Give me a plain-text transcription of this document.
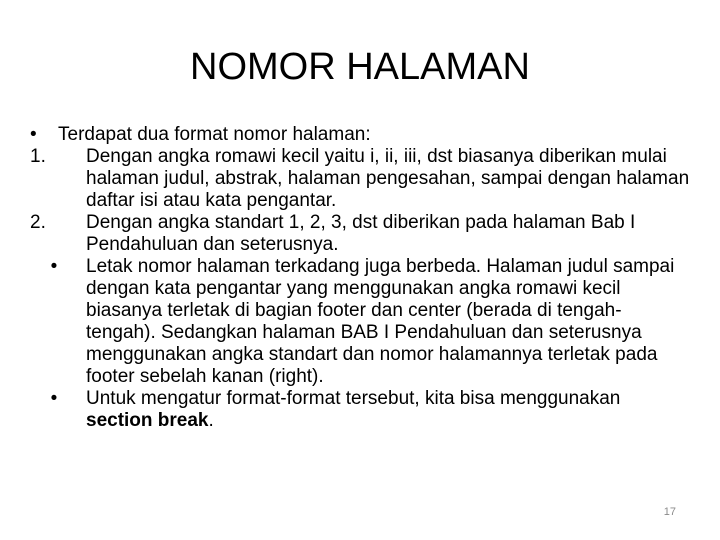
NOMOR HALAMAN
• Terdapat dua format nomor halaman:
1.	Dengan angka romawi kecil yaitu i, ii, iii, dst biasanya diberikan mulai halaman judul, abstrak, halaman pengesahan, sampai dengan halaman daftar isi atau kata pengantar.
2.	Dengan angka standart 1, 2, 3, dst diberikan pada halaman Bab I Pendahuluan dan seterusnya.
•	Letak nomor halaman terkadang juga berbeda. Halaman judul sampai dengan kata pengantar yang menggunakan angka romawi kecil biasanya terletak di bagian footer dan center (berada di tengah-tengah). Sedangkan halaman BAB I Pendahuluan dan seterusnya menggunakan angka standart dan nomor halamannya terletak pada footer sebelah kanan (right).
•	Untuk mengatur format-format tersebut, kita bisa menggunakan section break.
17
